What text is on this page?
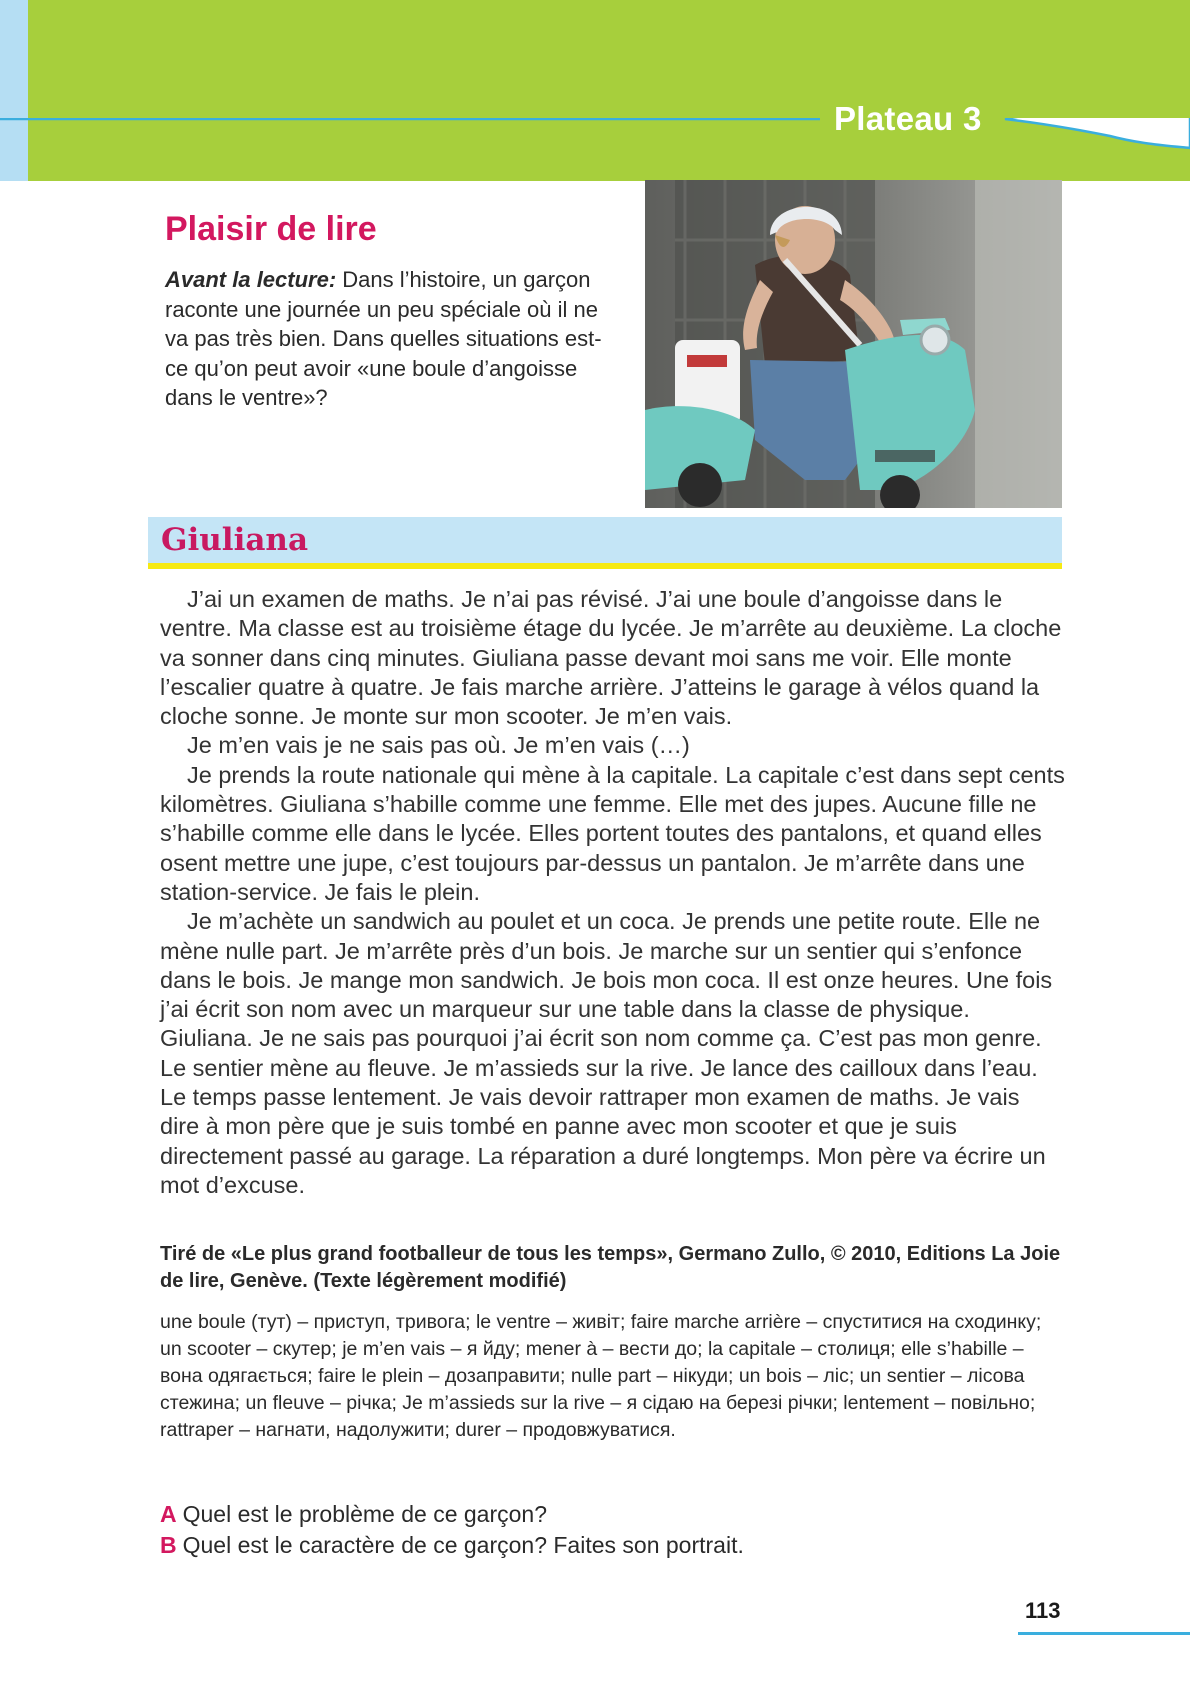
Plateau 3
Plaisir de lire
Avant la lecture: Dans l’histoire, un garçon raconte une journée un peu spéciale où il ne va pas très bien. Dans quelles situations est-ce qu’on peut avoir «une boule d’angoisse dans le ventre»?
Giuliana

J’ai un examen de maths. Je n’ai pas révisé. J’ai une boule d’angoisse dans le ventre. Ma classe est au troisième étage du lycée. Je m’arrête au deuxième. La cloche va sonner dans cinq minutes. Giuliana passe devant moi sans me voir. Elle monte l’escalier quatre à quatre. Je fais marche arrière. J’atteins le garage à vélos quand la cloche sonne. Je monte sur mon scooter. Je m’en vais.

Je m’en vais je ne sais pas où. Je m’en vais (…)

Je prends la route nationale qui mène à la capitale. La capitale c’est dans sept cents kilomètres. Giuliana s’habille comme une femme. Elle met des jupes. Aucune fille ne s’habille comme elle dans le lycée. Elles portent toutes des pantalons, et quand elles osent mettre une jupe, c’est toujours par-dessus un pantalon. Je m’arrête dans une station-service. Je fais le plein.

Je m’achète un sandwich au poulet et un coca. Je prends une petite route. Elle ne mène nulle part. Je m’arrête près d’un bois. Je marche sur un sentier qui s’enfonce dans le bois. Je mange mon sandwich. Je bois mon coca. Il est onze heures. Une fois j’ai écrit son nom avec un marqueur sur une table dans la classe de physique. Giuliana. Je ne sais pas pourquoi j’ai écrit son nom comme ça. C’est pas mon genre. Le sentier mène au fleuve. Je m’assieds sur la rive. Je lance des cailloux dans l’eau. Le temps passe lentement. Je vais devoir rattraper mon examen de maths. Je vais dire à mon père que je suis tombé en panne avec mon scooter et que je suis directement passé au garage. La réparation a duré longtemps. Mon père va écrire un mot d’excuse.

Tiré de «Le plus grand footballeur de tous les temps», Germano Zullo, © 2010, Editions La Joie de lire, Genève. (Texte légèrement modifié)
une boule (тут) – приступ, тривога; le ventre – живіт; faire marche arrière – спуститися на сходинку; un scooter – скутер; je m’en vais – я йду; mener à – вести до; la capitale – столиця; elle s’habille – вона одягається; faire le plein – дозаправити; nulle part – нікуди; un bois – ліс; un sentier – лісова стежина; un fleuve – річка; Je m’assieds sur la rive – я сідаю на березі річки; lentement – повільно; rattraper – нагнати, надолужити; durer – продовжуватися.
A Quel est le problème de ce garçon?
B Quel est le caractère de ce garçon? Faites son portrait.
113
